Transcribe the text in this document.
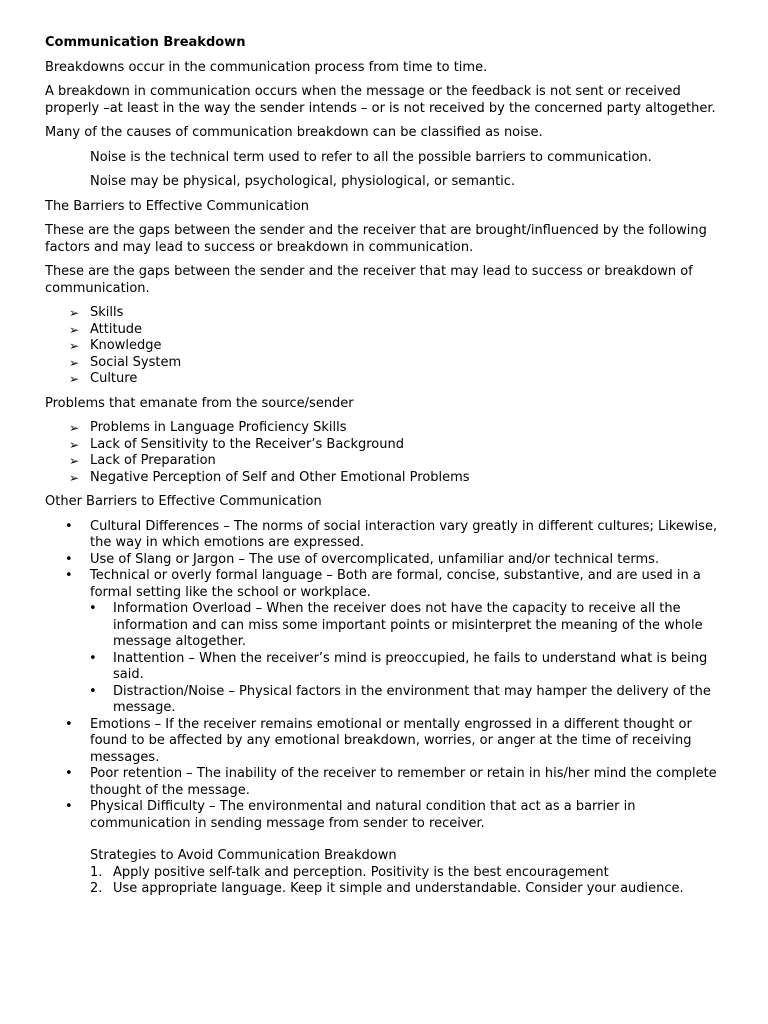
Communication Breakdown

Breakdowns occur in the communication process from time to time.

A breakdown in communication occurs when the message or the feedback is not sent or received properly –at least in the way the sender intends – or is not received by the concerned party altogether.

Many of the causes of communication breakdown can be classified as noise.

Noise is the technical term used to refer to all the possible barriers to communication.

Noise may be physical, psychological, physiological, or semantic.

The Barriers to Effective Communication

These are the gaps between the sender and the receiver that are brought/influenced by the following factors and may lead to success or breakdown in communication.

These are the gaps between the sender and the receiver that may lead to success or breakdown of communication.

➢ Skills
➢ Attitude
➢ Knowledge
➢ Social System
➢ Culture

Problems that emanate from the source/sender

➢ Problems in Language Proficiency Skills
➢ Lack of Sensitivity to the Receiver’s Background
➢ Lack of Preparation
➢ Negative Perception of Self and Other Emotional Problems

Other Barriers to Effective Communication

• Cultural Differences – The norms of social interaction vary greatly in different cultures; Likewise, the way in which emotions are expressed.
• Use of Slang or Jargon – The use of overcomplicated, unfamiliar and/or technical terms.
• Technical or overly formal language – Both are formal, concise, substantive, and are used in a formal setting like the school or workplace.
• Information Overload – When the receiver does not have the capacity to receive all the information and can miss some important points or misinterpret the meaning of the whole message altogether.
• Inattention – When the receiver’s mind is preoccupied, he fails to understand what is being said.
• Distraction/Noise – Physical factors in the environment that may hamper the delivery of the message.
• Emotions – If the receiver remains emotional or mentally engrossed in a different thought or found to be affected by any emotional breakdown, worries, or anger at the time of receiving messages.
• Poor retention – The inability of the receiver to remember or retain in his/her mind the complete thought of the message.
• Physical Difficulty – The environmental and natural condition that act as a barrier in communication in sending message from sender to receiver.

Strategies to Avoid Communication Breakdown

1. Apply positive self-talk and perception. Positivity is the best encouragement
2. Use appropriate language. Keep it simple and understandable. Consider your audience.
